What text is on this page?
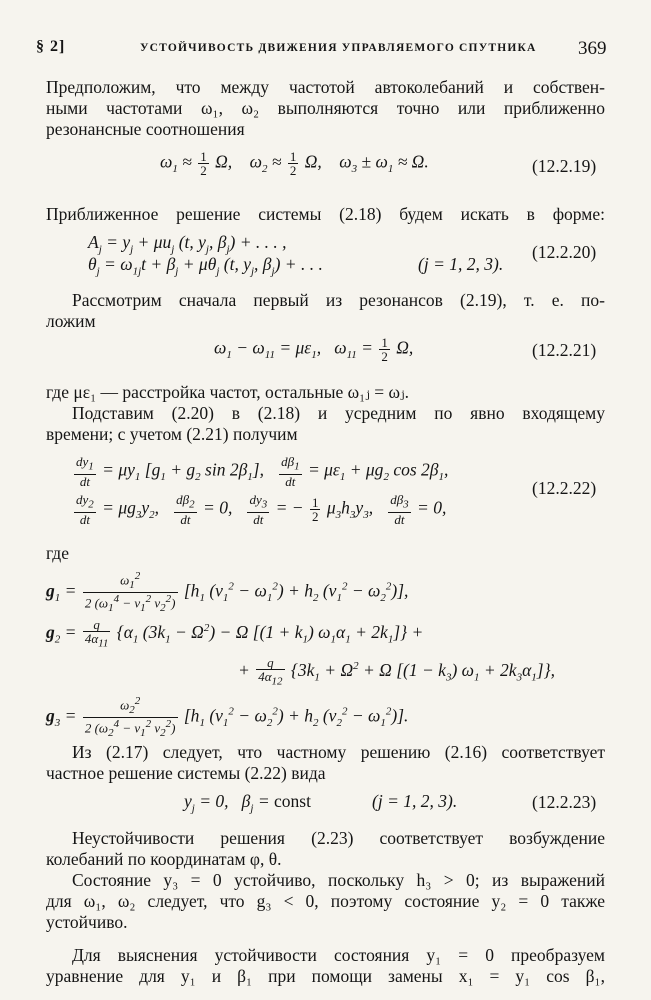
§ 2]	УСТОЙЧИВОСТЬ ДВИЖЕНИЯ УПРАВЛЯЕМОГО СПУТНИКА 369
Предположим, что между частотой автоколебаний и собствен-
ными частотами ω₁, ω₂ выполняются точно или приближенно
резонансные соотношения
$\omega_1 \approx \frac{1}{2} \Omega$,    $\omega_2 \approx \frac{1}{2} \Omega$,    $\omega_3 \pm \omega_1 \approx \Omega$.	(12.2.19)
Приближенное решение системы (2.18) будем искать в форме:
$A_j = y_j + \mu u_j$ (t, $y_j$, $\beta_j$) + . . . ,
$\theta_j = \omega_{1j}t + \beta_j + \mu\theta_j$ (t, $y_j$, $\beta_j$) + . . .	(j = 1, 2, 3).
(12.2.20)
Рассмотрим сначала первый из резонансов (2.19), т. е. по-
ложим
$\omega_1 - \omega_{11} = \mu\varepsilon_1$,   $\omega_{11} = \frac{1}{2} \Omega$,	(12.2.21)
где με₁ — расстройка частот, остальные ω₁ⱼ = ωⱼ.
Подставим (2.20) в (2.18) и усредним по явно входящему
времени; с учетом (2.21) получим
$\frac{dy_1}{dt} = \mu y_1$ [$g_1 + g_2$ $\sin 2\beta_1$], $\frac{d\beta_1}{dt} = \mu\varepsilon_1 + \mu g_2$ $\cos 2\beta_1$,
$\frac{dy_2}{dt} = \mu g_3y_2$, $\frac{d\beta_2}{dt} = 0$, $\frac{dy_3}{dt}$ = − $\frac{1}{2} \mu_3h_3y_3$, $\frac{d\beta_3}{dt} = 0$,
(12.2.22)
где
$g_1 = \frac{\omega_1^2}{2 (\omega_1^4 - \nu_1^2 \nu_2^2)} [h_1$ $(\nu_1^2 - \omega_1^2) + h_2$ $(\nu_1^2 - \omega_2^2)$],
$g_2 = \frac{q}{4\alpha_{11}} \{\alpha_1$ $(3k_1 - \Omega^2) - \Omega$ [$(1 + k_1)$ $\omega_1\alpha_1 + 2k_1$]} +
+ $\frac{q}{4\alpha_{12}} \{3k_1 + \Omega^2 + \Omega$ [$(1 - k_3)$ $\omega_1 + 2k_3\alpha_1$]},
$g_3 = \frac{\omega_2^2}{2 (\omega_2^4 - \nu_1^2 \nu_2^2)} [h_1$ $(\nu_1^2 - \omega_2^2) + h_2$ $(\nu_2^2 - \omega_1^2)$].
Из (2.17) следует, что частному решению (2.16) соответствует
частное решение системы (2.22) вида
$y_j = 0$,   $\beta_j$ = const	(j = 1, 2, 3).	(12.2.23)
Неустойчивости решения (2.23) соответствует возбуждение
колебаний по координатам φ, θ.
Состояние y₃ = 0 устойчиво, поскольку h₃ > 0; из выражений
для ω₁, ω₂ следует, что g₃ < 0, поэтому состояние y₂ = 0 также
устойчиво.
Для выяснения устойчивости состояния y₁ = 0 преобразуем
уравнение для y₁ и β₁ при помощи замены x₁ = y₁ cos β₁,
